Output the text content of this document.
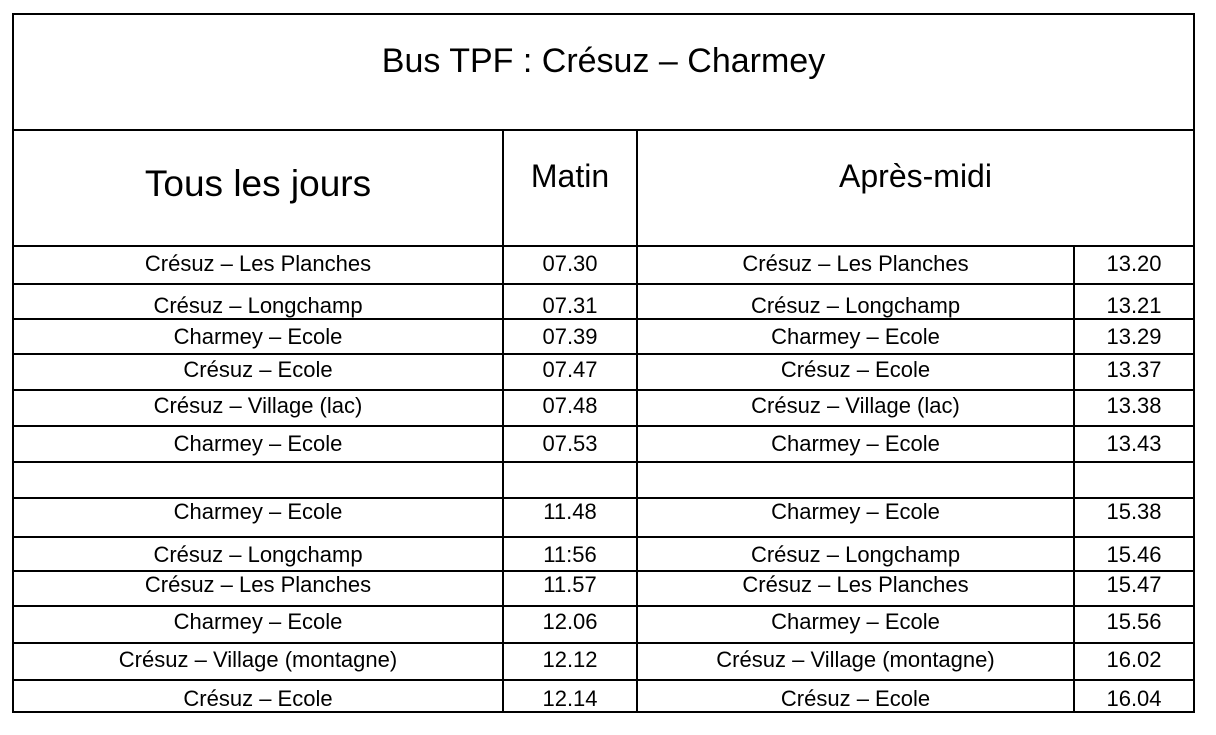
Bus TPF : Crésuz – Charmey
Tous les jours	Matin	Après-midi
Crésuz – Les Planches	07.30	Crésuz – Les Planches	13.20
Crésuz – Longchamp	07.31	Crésuz – Longchamp	13.21
Charmey – Ecole	07.39	Charmey – Ecole	13.29
Crésuz – Ecole	07.47	Crésuz – Ecole	13.37
Crésuz – Village (lac)	07.48	Crésuz – Village (lac)	13.38
Charmey – Ecole	07.53	Charmey – Ecole	13.43
Charmey – Ecole	11.48	Charmey – Ecole	15.38
Crésuz – Longchamp	11:56	Crésuz – Longchamp	15.46
Crésuz – Les Planches	11.57	Crésuz – Les Planches	15.47
Charmey – Ecole	12.06	Charmey – Ecole	15.56
Crésuz – Village (montagne)	12.12	Crésuz – Village (montagne)	16.02
Crésuz – Ecole	12.14	Crésuz – Ecole	16.04
